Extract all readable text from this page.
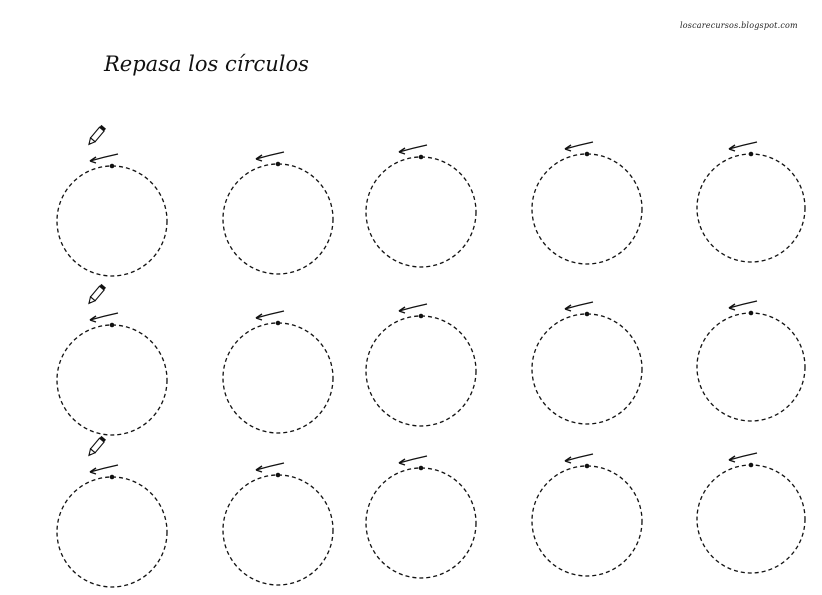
loscarecursos.blogspot.com
Repasa los círculos
